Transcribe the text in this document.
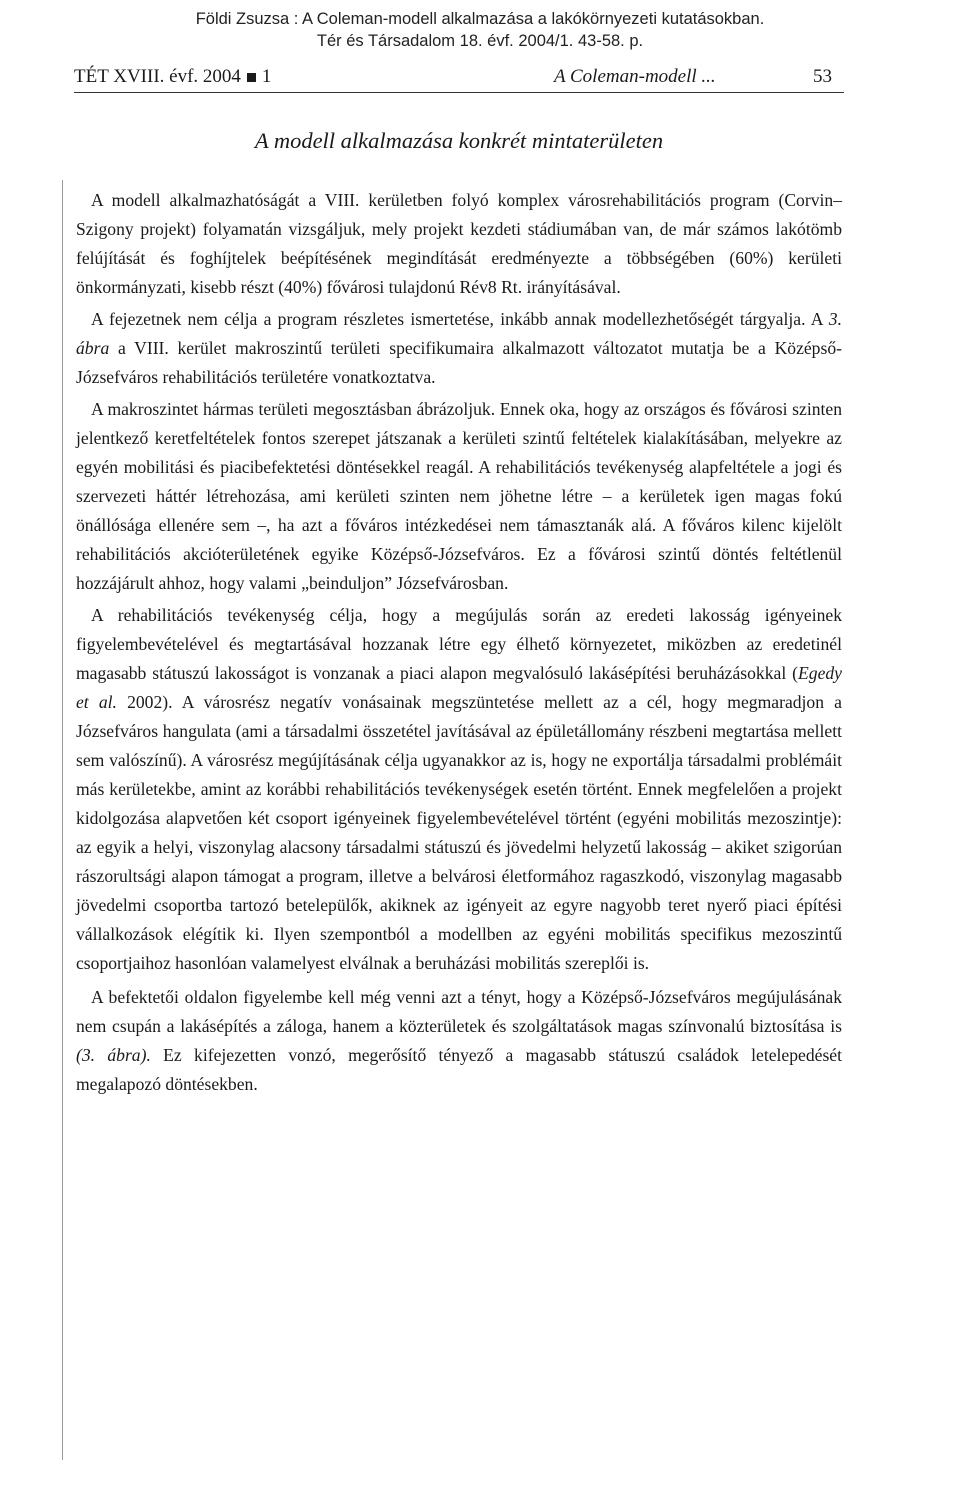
Földi Zsuzsa : A Coleman-modell alkalmazása a lakókörnyezeti kutatásokban.
Tér és Társadalom 18. évf. 2004/1. 43-58. p.
TÉT XVIII. évf. 2004 1	A Coleman-modell ...	53
A modell alkalmazása konkrét mintaterületen

A modell alkalmazhatóságát a VIII. kerületben folyó komplex városrehabilitációs program (Corvin–Szigony projekt) folyamatán vizsgáljuk, mely projekt kezdeti stádiumában van, de már számos lakótömb felújítását és foghíjtelek beépítésének megindítását eredményezte a többségében (60%) kerületi önkormányzati, kisebb részt (40%) fővárosi tulajdonú Rév8 Rt. irányításával.

A fejezetnek nem célja a program részletes ismertetése, inkább annak modellezhetőségét tárgyalja. A 3. ábra a VIII. kerület makroszintű területi specifikumaira alkalmazott változatot mutatja be a Középső-Józsefváros rehabilitációs területére vonatkoztatva.

A makroszintet hármas területi megosztásban ábrázoljuk. Ennek oka, hogy az országos és fővárosi szinten jelentkező keretfeltételek fontos szerepet játszanak a kerületi szintű feltételek kialakításában, melyekre az egyén mobilitási és piacibefektetési döntésekkel reagál. A rehabilitációs tevékenység alapfeltétele a jogi és szervezeti háttér létrehozása, ami kerületi szinten nem jöhetne létre – a kerületek igen magas fokú önállósága ellenére sem –, ha azt a főváros intézkedései nem támasztanák alá. A főváros kilenc kijelölt rehabilitációs akcióterületének egyike Középső-Józsefváros. Ez a fővárosi szintű döntés feltétlenül hozzájárult ahhoz, hogy valami „beinduljon” Józsefvárosban.

A rehabilitációs tevékenység célja, hogy a megújulás során az eredeti lakosság igényeinek figyelembevételével és megtartásával hozzanak létre egy élhető környezetet, miközben az eredetinél magasabb státuszú lakosságot is vonzanak a piaci alapon megvalósuló lakásépítési beruházásokkal (Egedy et al. 2002). A városrész negatív vonásainak megszüntetése mellett az a cél, hogy megmaradjon a Józsefváros hangulata (ami a társadalmi összetétel javításával az épületállomány részbeni megtartása mellett sem valószínű). A városrész megújításának célja ugyanakkor az is, hogy ne exportálja társadalmi problémáit más kerületekbe, amint az korábbi rehabilitációs tevékenységek esetén történt. Ennek megfelelően a projekt kidolgozása alapvetően két csoport igényeinek figyelembevételével történt (egyéni mobilitás mezoszintje): az egyik a helyi, viszonylag alacsony társadalmi státuszú és jövedelmi helyzetű lakosság – akiket szigorúan rászorultsági alapon támogat a program, illetve a belvárosi életformához ragaszkodó, viszonylag magasabb jövedelmi csoportba tartozó betelepülők, akiknek az igényeit az egyre nagyobb teret nyerő piaci építési vállalkozások elégítik ki. Ilyen szempontból a modellben az egyéni mobilitás specifikus mezoszintű csoportjaihoz hasonlóan valamelyest elválnak a beruházási mobilitás szereplői is.

A befektetői oldalon figyelembe kell még venni azt a tényt, hogy a Középső-Józsefváros megújulásának nem csupán a lakásépítés a záloga, hanem a közterületek és szolgáltatások magas színvonalú biztosítása is (3. ábra). Ez kifejezetten vonzó, megerősítő tényező a magasabb státuszú családok letelepedését megalapozó döntésekben.
